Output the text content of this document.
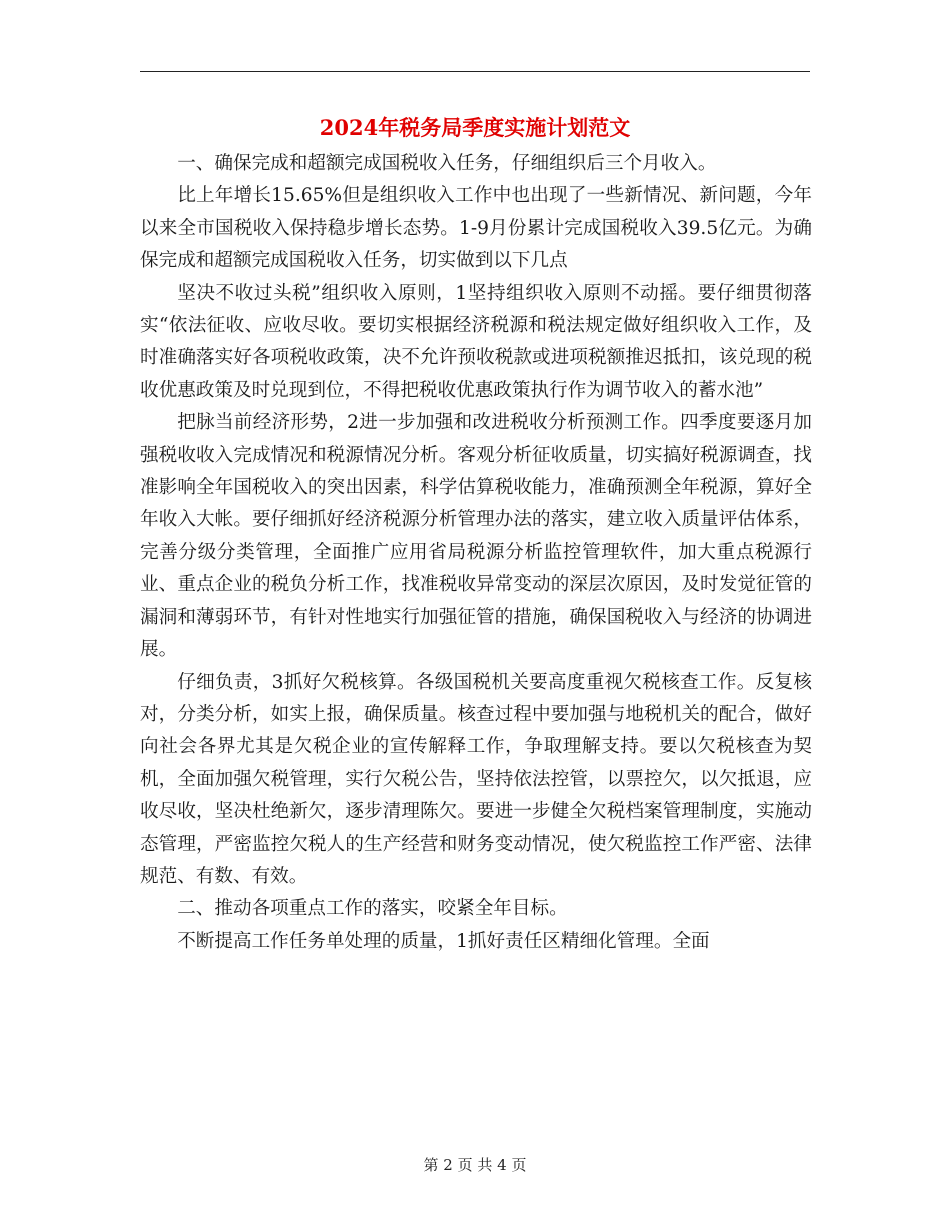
2024年税务局季度实施计划范文

一、确保完成和超额完成国税收入任务，仔细组织后三个月收入。

比上年增长15.65%但是组织收入工作中也出现了一些新情况、新问题，今年以来全市国税收入保持稳步增长态势。1-9月份累计完成国税收入39.5亿元。为确保完成和超额完成国税收入任务，切实做到以下几点

坚决不收过头税”组织收入原则，1坚持组织收入原则不动摇。要仔细贯彻落实“依法征收、应收尽收。要切实根据经济税源和税法规定做好组织收入工作，及时准确落实好各项税收政策，决不允许预收税款或进项税额推迟抵扣，该兑现的税收优惠政策及时兑现到位，不得把税收优惠政策执行作为调节收入的蓄水池”

把脉当前经济形势，2进一步加强和改进税收分析预测工作。四季度要逐月加强税收收入完成情况和税源情况分析。客观分析征收质量，切实搞好税源调查，找准影响全年国税收入的突出因素，科学估算税收能力，准确预测全年税源，算好全年收入大帐。要仔细抓好经济税源分析管理办法的落实，建立收入质量评估体系，完善分级分类管理，全面推广应用省局税源分析监控管理软件，加大重点税源行业、重点企业的税负分析工作，找准税收异常变动的深层次原因，及时发觉征管的漏洞和薄弱环节，有针对性地实行加强征管的措施，确保国税收入与经济的协调进展。

仔细负责，3抓好欠税核算。各级国税机关要高度重视欠税核查工作。反复核对，分类分析，如实上报，确保质量。核查过程中要加强与地税机关的配合，做好向社会各界尤其是欠税企业的宣传解释工作，争取理解支持。要以欠税核查为契机，全面加强欠税管理，实行欠税公告，坚持依法控管，以票控欠，以欠抵退，应收尽收，坚决杜绝新欠，逐步清理陈欠。要进一步健全欠税档案管理制度，实施动态管理，严密监控欠税人的生产经营和财务变动情况，使欠税监控工作严密、法律规范、有数、有效。

二、推动各项重点工作的落实，咬紧全年目标。

不断提高工作任务单处理的质量，1抓好责任区精细化管理。全面

第 2 页 共 4 页
